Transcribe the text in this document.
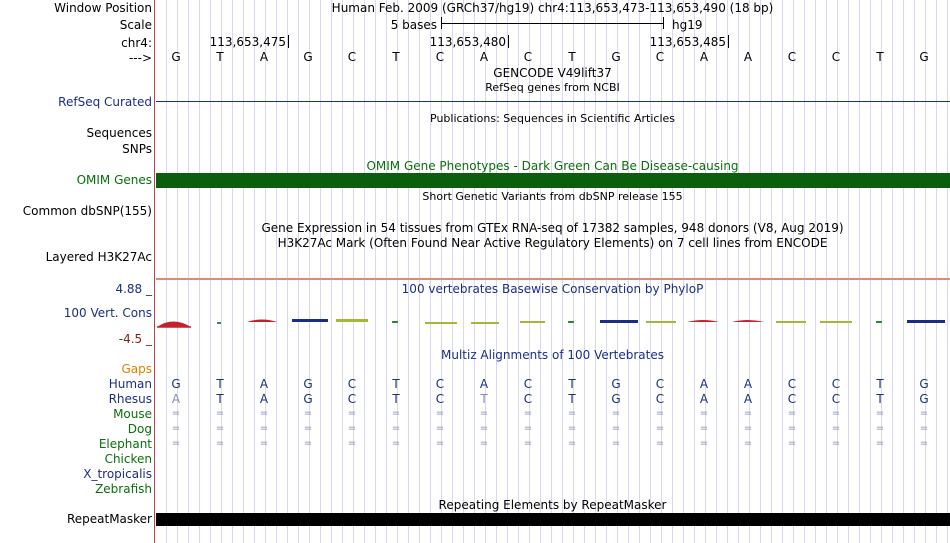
Window Position	Human Feb. 2009 (GRCh37/hg19) chr4:113,653,473-113,653,490 (18 bp)
Scale	5 bases	hg19
chr4:	113,653,475	113,653,480	113,653,485
--->	G	T	A	G	C	T	C	A	C	T	G	C	A	A	C	C	T	G
GENCODE V49lift37
RefSeq genes from NCBI
RefSeq Curated
Publications: Sequences in Scientific Articles
Sequences
SNPs
OMIM Gene Phenotypes - Dark Green Can Be Disease-causing
OMIM Genes
Short Genetic Variants from dbSNP release 155
Common dbSNP(155)
Gene Expression in 54 tissues from GTEx RNA-seq of 17382 samples, 948 donors (V8, Aug 2019)
H3K27Ac Mark (Often Found Near Active Regulatory Elements) on 7 cell lines from ENCODE
Layered H3K27Ac
4.88 _	100 vertebrates Basewise Conservation by PhyloP
100 Vert. Cons
-4.5 _
Multiz Alignments of 100 Vertebrates
Gaps
Human	G	T	A	G	C	T	C	A	C	T	G	C	A	A	C	C	T	G
Rhesus	A	T	A	G	C	T	C	T	C	T	G	C	A	A	C	C	T	G
Mouse	=	=	=	=	=	=	=	=	=	=	=	=	=	=	=	=	=	=
Dog	=	=	=	=	=	=	=	=	=	=	=	=	=	=	=	=	=	=
Elephant	=	=	=	=	=	=	=	=	=	=	=	=	=	=	=	=	=	=
Chicken
X_tropicalis
Zebrafish
Repeating Elements by RepeatMasker
RepeatMasker
